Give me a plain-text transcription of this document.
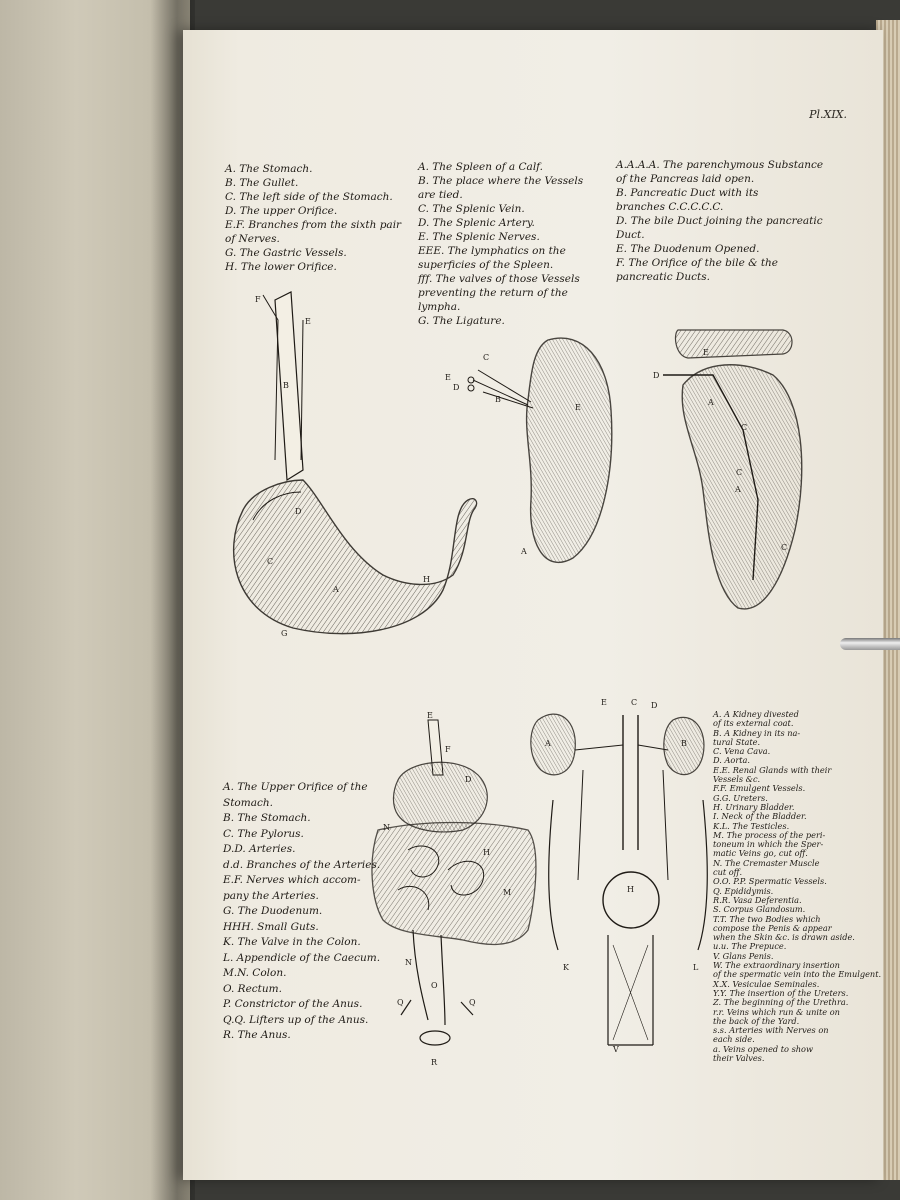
Pl.XIX.
F
E
B
D
C
A
H
G
E
D
B
C
E
A
D
E
A
C
C
A
C
E
F
D
N
H
M
N
O
Q	Q
R
E	C D
A	B
H
K	L
V
A. The Stomach.
B. The Gullet.
C. The left side of the Stomach.
D. The upper Orifice.
E.F. Branches from the sixth pair
of Nerves.
G. The Gastric Vessels.
H. The lower Orifice.
A. The Spleen of a Calf.
B. The place where the Vessels
are tied.
C. The Splenic Vein.
D. The Splenic Artery.
E. The Splenic Nerves.
EEE. The lymphatics on the
superficies of the Spleen.
fff. The valves of those Vessels
preventing the return of the
lympha.
G. The Ligature.
A.A.A.A. The parenchymous Substance
of the Pancreas laid open.
B. Pancreatic Duct with its
branches C.C.C.C.C.
D. The bile Duct joining the pancreatic
Duct.
E. The Duodenum Opened.
F. The Orifice of the bile & the
pancreatic Ducts.
A. The Upper Orifice of the
Stomach.
B. The Stomach.
C. The Pylorus.
D.D. Arteries.
d.d. Branches of the Arteries.
E.F. Nerves which accom-
pany the Arteries.
G. The Duodenum.
HHH. Small Guts.
K. The Valve in the Colon.
L. Appendicle of the Caecum.
M.N. Colon.
O. Rectum.
P. Constrictor of the Anus.
Q.Q. Lifters up of the Anus.
R. The Anus.
A. A Kidney divested
of its external coat.
B. A Kidney in its na-
tural State.
C. Vena Cava.
D. Aorta.
E.E. Renal Glands with their
Vessels &c.
F.F. Emulgent Vessels.
G.G. Ureters.
H. Urinary Bladder.
I. Neck of the Bladder.
K.L. The Testicles.
M. The process of the peri-
toneum in which the Sper-
matic Veins go, cut off.
N. The Cremaster Muscle
cut off.
O.O. P.P. Spermatic Vessels.
Q. Epididymis.
R.R. Vasa Deferentia.
S. Corpus Glandosum.
T.T. The two Bodies which
compose the Penis & appear
when the Skin &c. is drawn aside.
u.u. The Prepuce.
V. Glans Penis.
W. The extraordinary insertion
of the spermatic vein into the Emulgent.
X.X. Vesiculae Seminales.
Y.Y. The insertion of the Ureters.
Z. The beginning of the Urethra.
r.r. Veins which run & unite on
the back of the Yard.
s.s. Arteries with Nerves on
each side.
a. Veins opened to show
their Valves.
